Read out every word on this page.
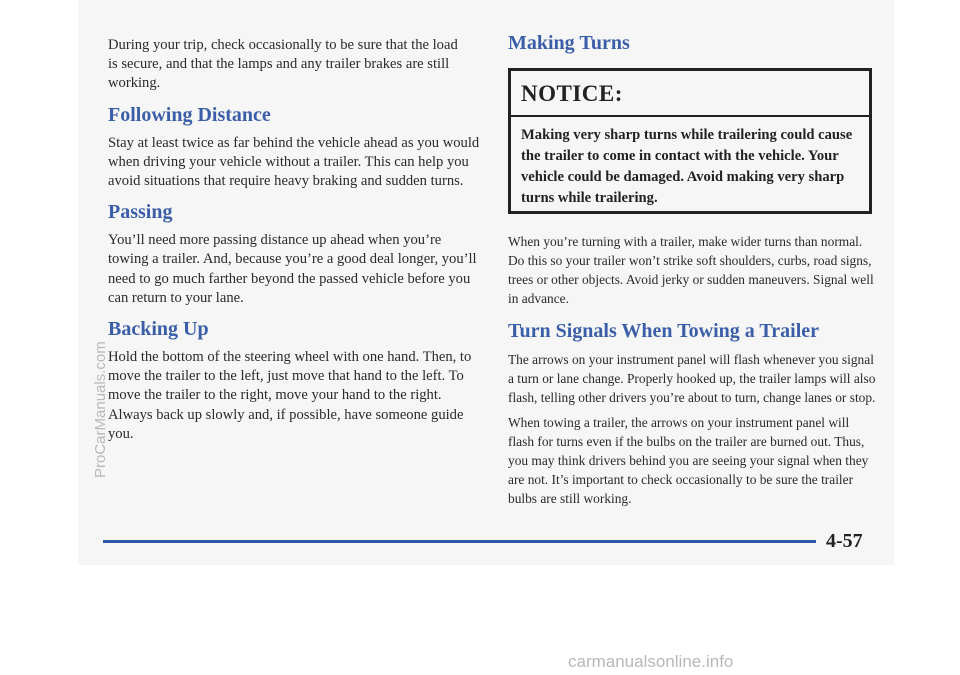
During your trip, check occasionally to be sure that the load is secure, and that the lamps and any trailer brakes are still working.

Following Distance

Stay at least twice as far behind the vehicle ahead as you would when driving your vehicle without a trailer. This can help you avoid situations that require heavy braking and sudden turns.

Passing

You’ll need more passing distance up ahead when you’re towing a trailer. And, because you’re a good deal longer, you’ll need to go much farther beyond the passed vehicle before you can return to your lane.

Backing Up

Hold the bottom of the steering wheel with one hand. Then, to move the trailer to the left, just move that hand to the left. To move the trailer to the right, move your hand to the right. Always back up slowly and, if possible, have someone guide you.

Making Turns
NOTICE:
Making very sharp turns while trailering could cause the trailer to come in contact with the vehicle. Your vehicle could be damaged. Avoid making very sharp turns while trailering.

When you’re turning with a trailer, make wider turns than normal. Do this so your trailer won’t strike soft shoulders, curbs, road signs, trees or other objects. Avoid jerky or sudden maneuvers. Signal well in advance.

Turn Signals When Towing a Trailer

The arrows on your instrument panel will flash whenever you signal a turn or lane change. Properly hooked up, the trailer lamps will also flash, telling other drivers you’re about to turn, change lanes or stop.

When towing a trailer, the arrows on your instrument panel will flash for turns even if the bulbs on the trailer are burned out. Thus, you may think drivers behind you are seeing your signal when they are not. It’s important to check occasionally to be sure the trailer bulbs are still working.

4-57
ProCarManuals.com
carmanualsonline.info
